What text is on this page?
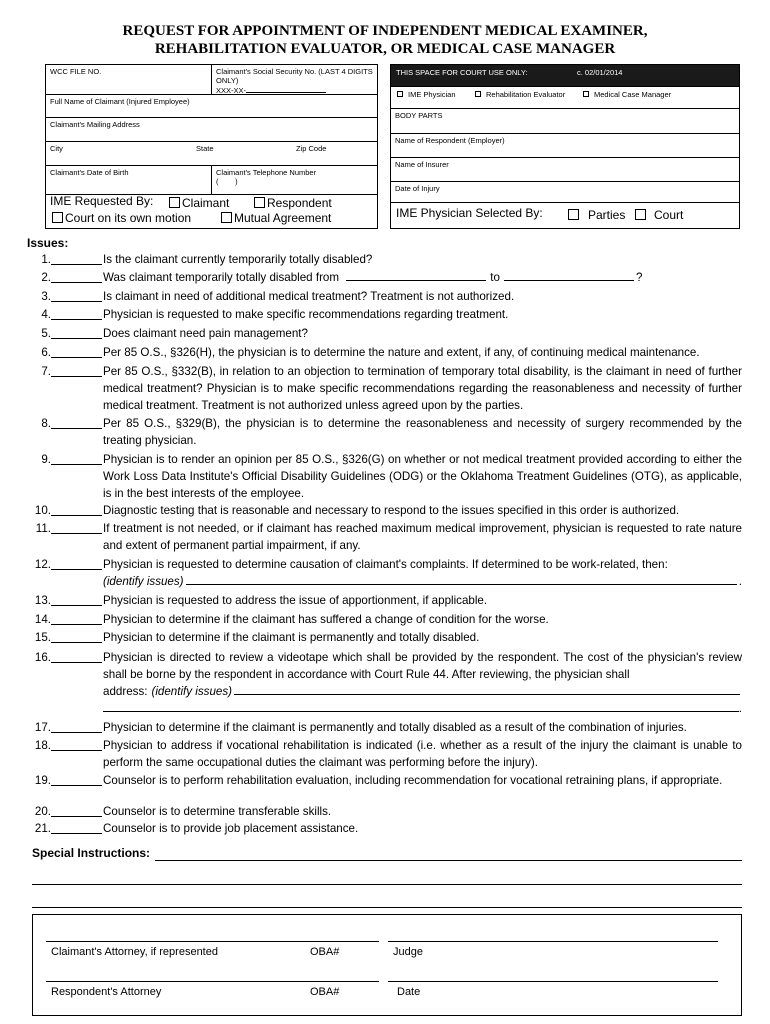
REQUEST FOR APPOINTMENT OF INDEPENDENT MEDICAL EXAMINER,
REHABILITATION EVALUATOR, OR MEDICAL CASE MANAGER
WCC FILE NO.	Claimant's Social Security No. (LAST 4 DIGITS ONLY)
XXX-XX-
Full Name of Claimant (Injured Employee)
Claimant's Mailing Address
City	State	Zip Code
Claimant's Date of Birth	Claimant's Telephone Number
(        )
IME Requested By:	Claimant	Respondent
Court on its own motion	Mutual Agreement
THIS SPACE FOR COURT USE ONLY:	c. 02/01/2014
IME Physician	Rehabilitation Evaluator	Medical Case Manager
BODY PARTS
Name of Respondent (Employer)
Name of Insurer
Date of Injury
IME Physician Selected By:	Parties	Court
Issues:
1.	Is the claimant currently temporarily totally disabled?
2.	Was claimant temporarily totally disabled from	to	?
3.	Is claimant in need of additional medical treatment? Treatment is not authorized.
4.	Physician is requested to make specific recommendations regarding treatment.
5.	Does claimant need pain management?
6.	Per 85 O.S., §326(H), the physician is to determine the nature and extent, if any, of continuing medical maintenance.
7.	Per 85 O.S., §332(B), in relation to an objection to termination of temporary total disability, is the claimant in need of further medical treatment? Physician is to make specific recommendations regarding the reasonableness and necessity of further medical treatment. Treatment is not authorized unless agreed upon by the parties.
8.	Per 85 O.S., §329(B), the physician is to determine the reasonableness and necessity of surgery recommended by the treating physician.
9.	Physician is to render an opinion per 85 O.S., §326(G) on whether or not medical treatment provided according to either the Work Loss Data Institute's Official Disability Guidelines (ODG) or the Oklahoma Treatment Guidelines (OTG), as applicable, is in the best interests of the employee.
10.	Diagnostic testing that is reasonable and necessary to respond to the issues specified in this order is authorized.
11.	If treatment is not needed, or if claimant has reached maximum medical improvement, physician is requested to rate nature and extent of permanent partial impairment, if any.
12.	Physician is requested to determine causation of claimant's complaints. If determined to be work-related, then:
(identify issues)	.
13.	Physician is requested to address the issue of apportionment, if applicable.
14.	Physician to determine if the claimant has suffered a change of condition for the worse.
15.	Physician to determine if the claimant is permanently and totally disabled.
16.	Physician is directed to review a videotape which shall be provided by the respondent. The cost of the physician's review shall be borne by the respondent in accordance with Court Rule 44. After reviewing, the physician shall
address: (identify issues)
.
17.	Physician to determine if the claimant is permanently and totally disabled as a result of the combination of injuries.
18.	Physician to address if vocational rehabilitation is indicated (i.e. whether as a result of the injury the claimant is unable to perform the same occupational duties the claimant was performing before the injury).
19.	Counselor is to perform rehabilitation evaluation, including recommendation for vocational retraining plans, if appropriate.
20.	Counselor is to determine transferable skills.
21.	Counselor is to provide job placement assistance.
Special Instructions:
Claimant's Attorney, if represented	OBA#	Judge
Respondent's Attorney	OBA#	Date
